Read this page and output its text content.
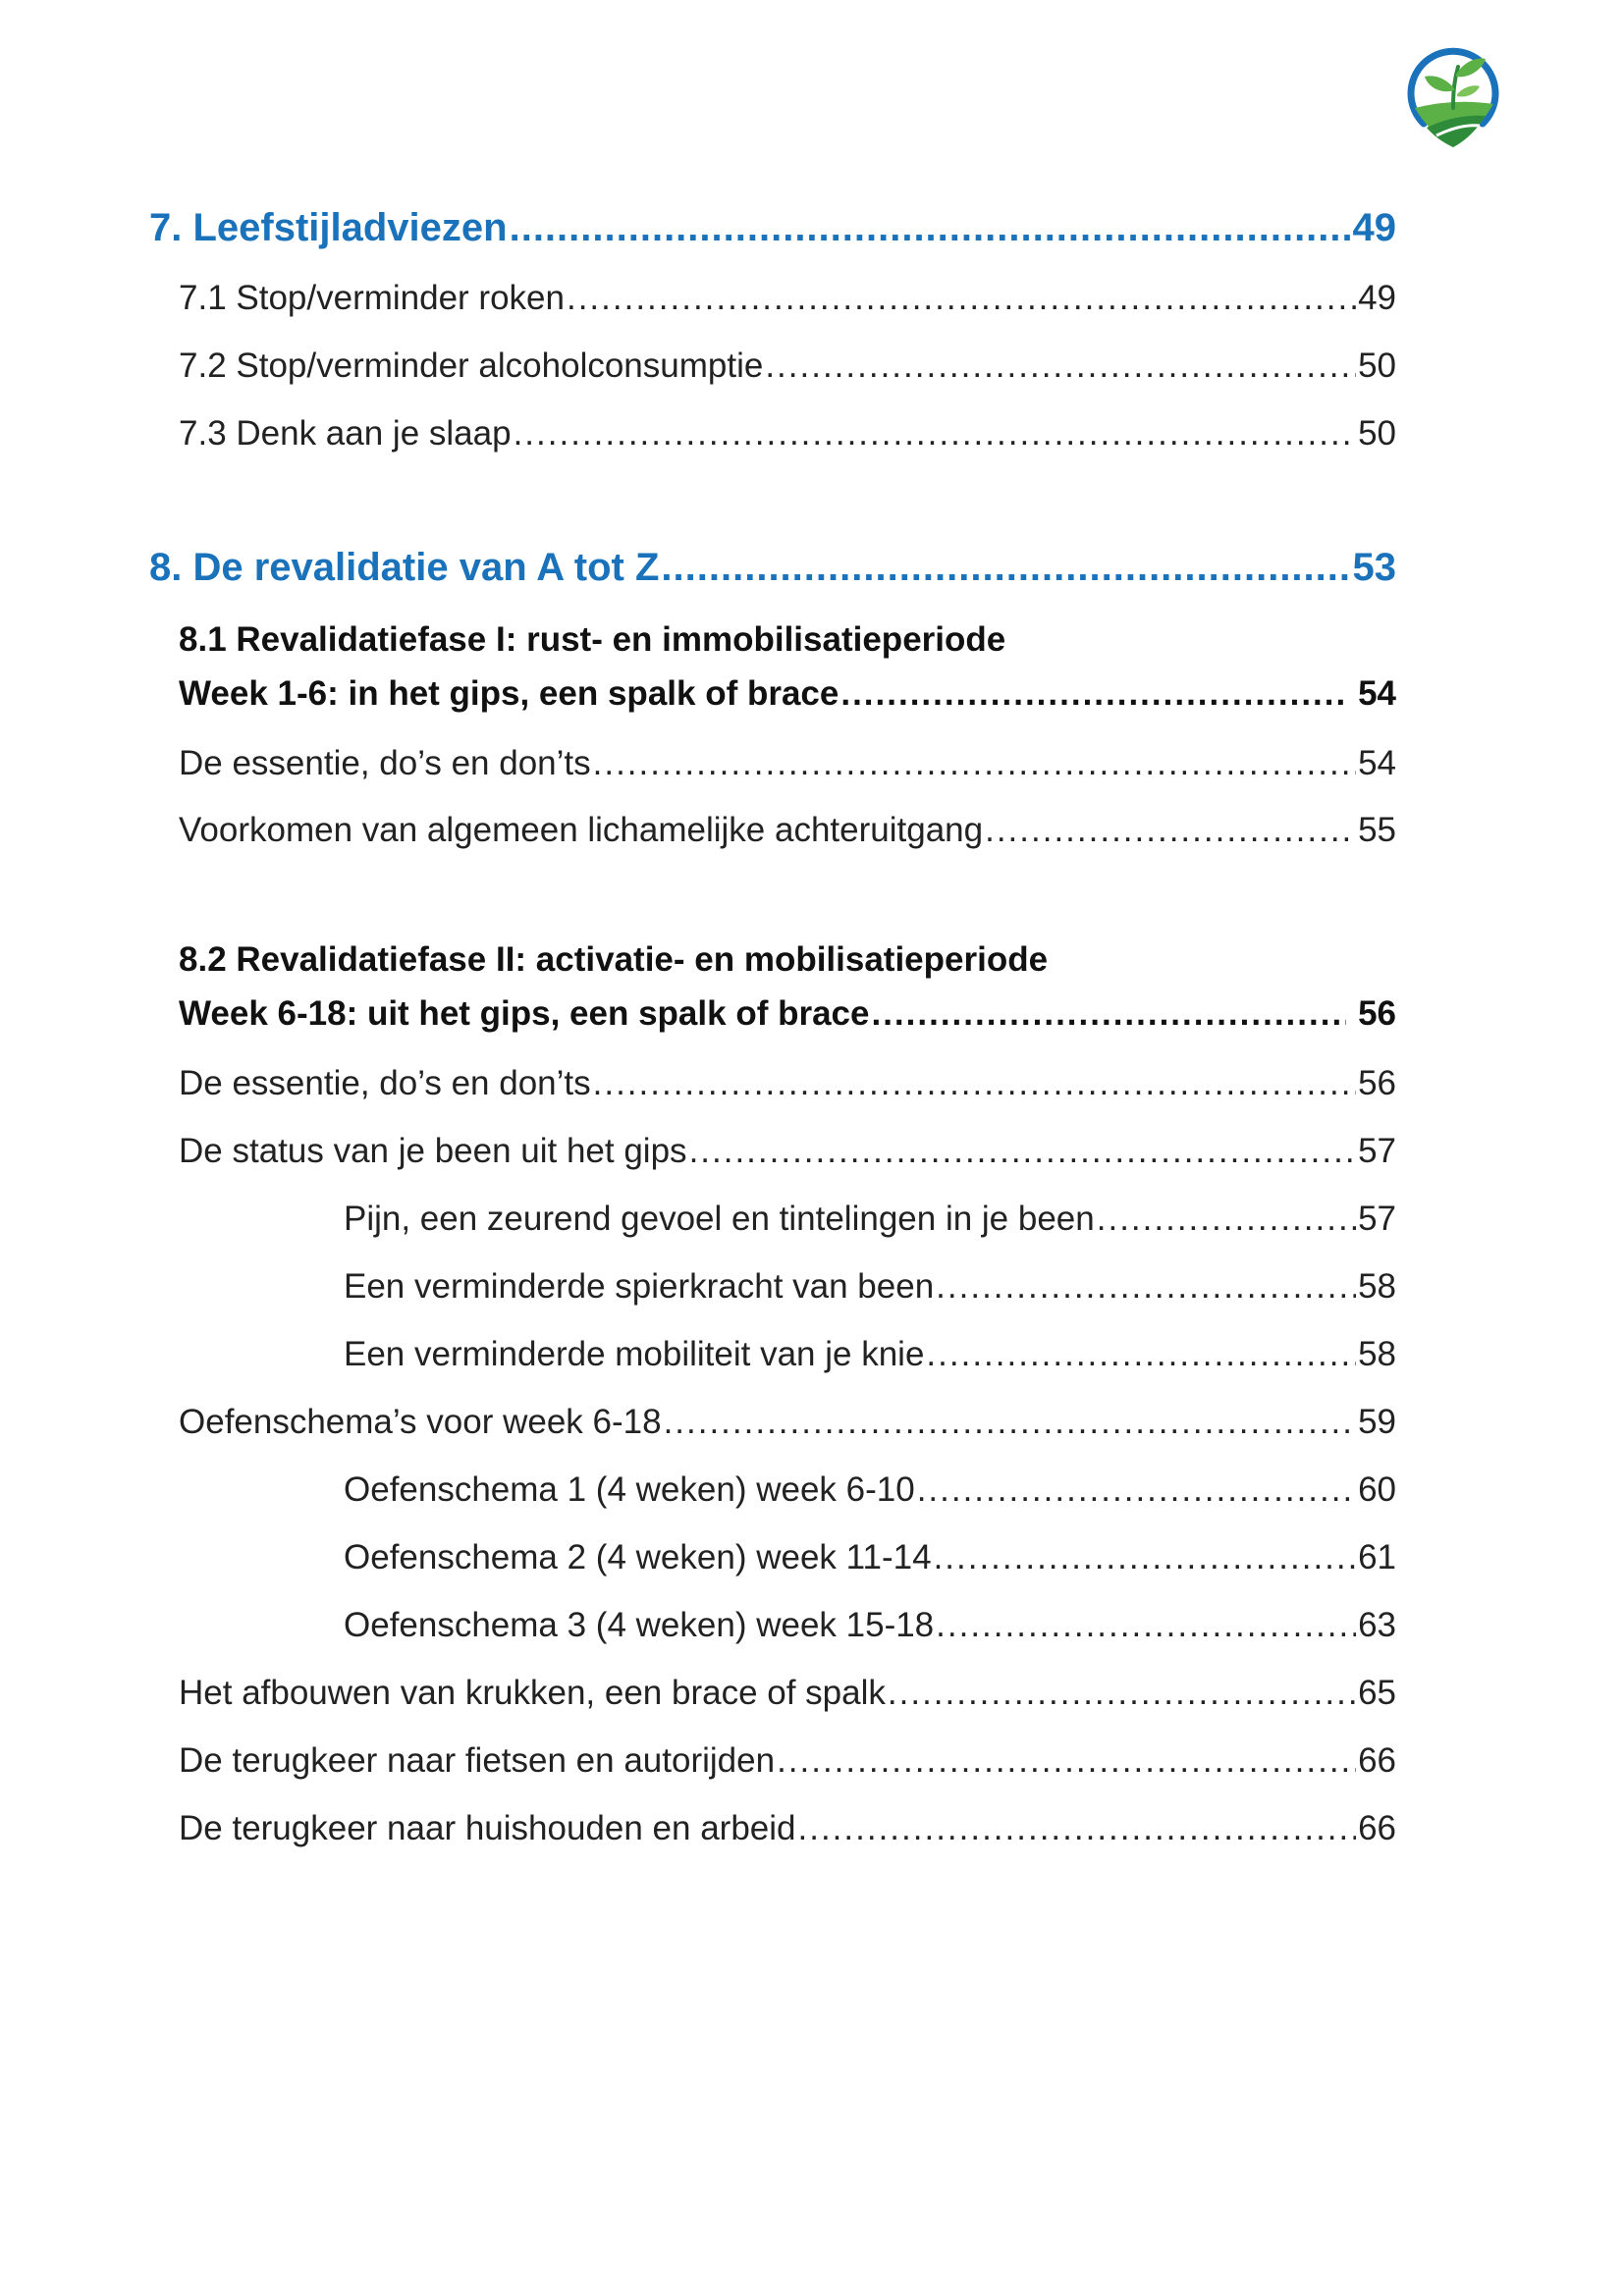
7. Leefstijladviezen .....	49
7.1 Stop/verminder roken .....	49
7.2 Stop/verminder alcoholconsumptie .....	50
7.3 Denk aan je slaap .....	50
8. De revalidatie van A tot Z .....	53
8.1 Revalidatiefase I: rust- en immobilisatieperiode
Week 1-6: in het gips, een spalk of brace .....	54
De essentie, do’s en don’ts .....	54
Voorkomen van algemeen lichamelijke achteruitgang .....	55
8.2 Revalidatiefase II: activatie- en mobilisatieperiode
Week 6-18: uit het gips, een spalk of brace .....	56
De essentie, do’s en don’ts .....	56
De status van je been uit het gips .....	57
Pijn, een zeurend gevoel en tintelingen in je been .....	57
Een verminderde spierkracht van been .....	58
Een verminderde mobiliteit van je knie .....	58
Oefenschema’s voor week 6-18 .....	59
Oefenschema 1 (4 weken) week 6-10 .....	60
Oefenschema 2 (4 weken) week 11-14 .....	61
Oefenschema 3 (4 weken) week 15-18 .....	63
Het afbouwen van krukken, een brace of spalk .....	65
De terugkeer naar fietsen en autorijden .....	66
De terugkeer naar huishouden en arbeid .....	66
